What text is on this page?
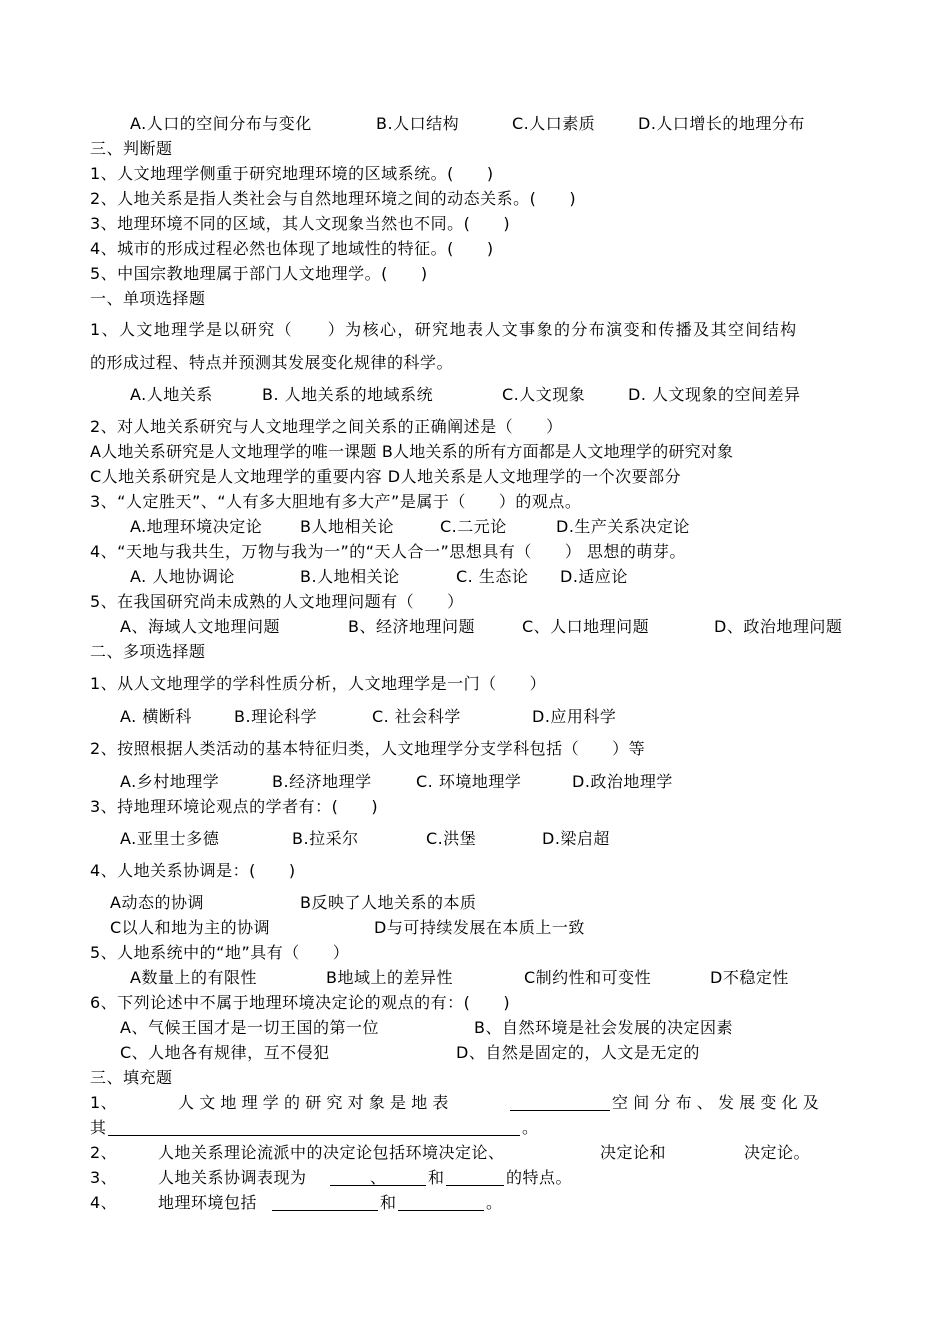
A.人口的空间分布与变化	B.人口结构	C.人口素质	D.人口增长的地理分布
三、判断题
1、人文地理学侧重于研究地理环境的区域系统。(　　)
2、人地关系是指人类社会与自然地理环境之间的动态关系。(　　)
3、地理环境不同的区域，其人文现象当然也不同。(　　)
4、城市的形成过程必然也体现了地域性的特征。(　　)
5、中国宗教地理属于部门人文地理学。(　　)
一、单项选择题
1、人文地理学是以研究（　　）为核心，研究地表人文事象的分布演变和传播及其空间结构
的形成过程、特点并预测其发展变化规律的科学。
A.人地关系	B. 人地关系的地域系统	C.人文现象	D. 人文现象的空间差异
2、对人地关系研究与人文地理学之间关系的正确阐述是（　　）
A人地关系研究是人文地理学的唯一课题 B人地关系的所有方面都是人文地理学的研究对象
C人地关系研究是人文地理学的重要内容 D人地关系是人文地理学的一个次要部分
3、“人定胜天”、“人有多大胆地有多大产”是属于（　　）的观点。
A.地理环境决定论 B人地相关论	C.二元论	D.生产关系决定论
4、“天地与我共生，万物与我为一”的“天人合一”思想具有（　　） 思想的萌芽。
A. 人地协调论	B.人地相关论	C. 生态论 D.适应论
5、在我国研究尚未成熟的人文地理问题有（　　）
A、海域人文地理问题	B、经济地理问题	C、人口地理问题	D、政治地理问题
二、多项选择题
1、从人文地理学的学科性质分析，人文地理学是一门（　　）
A. 横断科	B.理论科学	C. 社会科学	D.应用科学
2、按照根据人类活动的基本特征归类，人文地理学分支学科包括（　　）等
A.乡村地理学	B.经济地理学	C. 环境地理学	D.政治地理学
3、持地理环境论观点的学者有：(　　)
A.亚里士多德	B.拉采尔	C.洪堡	D.梁启超
4、人地关系协调是：(　　)
A动态的协调	B反映了人地关系的本质
C以人和地为主的协调	D与可持续发展在本质上一致
5、人地系统中的“地”具有（　　）
A数量上的有限性	B地域上的差异性	C制约性和可变性	D不稳定性
6、下列论述中不属于地理环境决定论的观点的有：(　　)
A、气候王国才是一切王国的第一位	B、自然环境是社会发展的决定因素
C、人地各有规律，互不侵犯	D、自然是固定的，人文是无定的
三、填充题
1、	人文地理学的研究对象是地表	空间分布、发展变化及
其	。
2、	人地关系理论流派中的决定论包括环境决定论、	决定论和	决定论。
3、	人地关系协调表现为	、	和	的特点。
4、	地理环境包括	和	。
